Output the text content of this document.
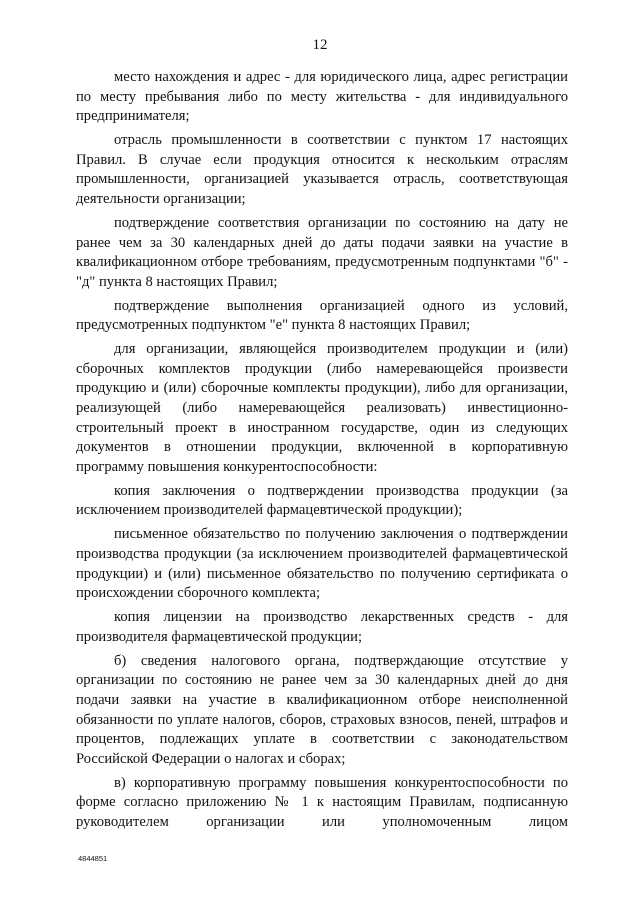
12

место нахождения и адрес - для юридического лица, адрес регистрации по месту пребывания либо по месту жительства - для индивидуального предпринимателя;

отрасль промышленности в соответствии с пунктом 17 настоящих Правил. В случае если продукция относится к нескольким отраслям промышленности, организацией указывается отрасль, соответствующая деятельности организации;

подтверждение соответствия организации по состоянию на дату не ранее чем за 30 календарных дней до даты подачи заявки на участие в квалификационном отборе требованиям, предусмотренным подпунктами "б" - "д" пункта 8 настоящих Правил;

подтверждение выполнения организацией одного из условий, предусмотренных подпунктом "е" пункта 8 настоящих Правил;

для организации, являющейся производителем продукции и (или) сборочных комплектов продукции (либо намеревающейся произвести продукцию и (или) сборочные комплекты продукции), либо для организации, реализующей (либо намеревающейся реализовать) инвестиционно-строительный проект в иностранном государстве, один из следующих документов в отношении продукции, включенной в корпоративную программу повышения конкурентоспособности:

копия заключения о подтверждении производства продукции (за исключением производителей фармацевтической продукции);

письменное обязательство по получению заключения о подтверждении производства продукции (за исключением производителей фармацевтической продукции) и (или) письменное обязательство по получению сертификата о происхождении сборочного комплекта;

копия лицензии на производство лекарственных средств - для производителя фармацевтической продукции;

б) сведения налогового органа, подтверждающие отсутствие у организации по состоянию не ранее чем за 30 календарных дней до дня подачи заявки на участие в квалификационном отборе неисполненной обязанности по уплате налогов, сборов, страховых взносов, пеней, штрафов и процентов, подлежащих уплате в соответствии с законодательством Российской Федерации о налогах и сборах;

в) корпоративную программу повышения конкурентоспособности по форме согласно приложению № 1 к настоящим Правилам, подписанную руководителем организации или уполномоченным лицом

4844851
